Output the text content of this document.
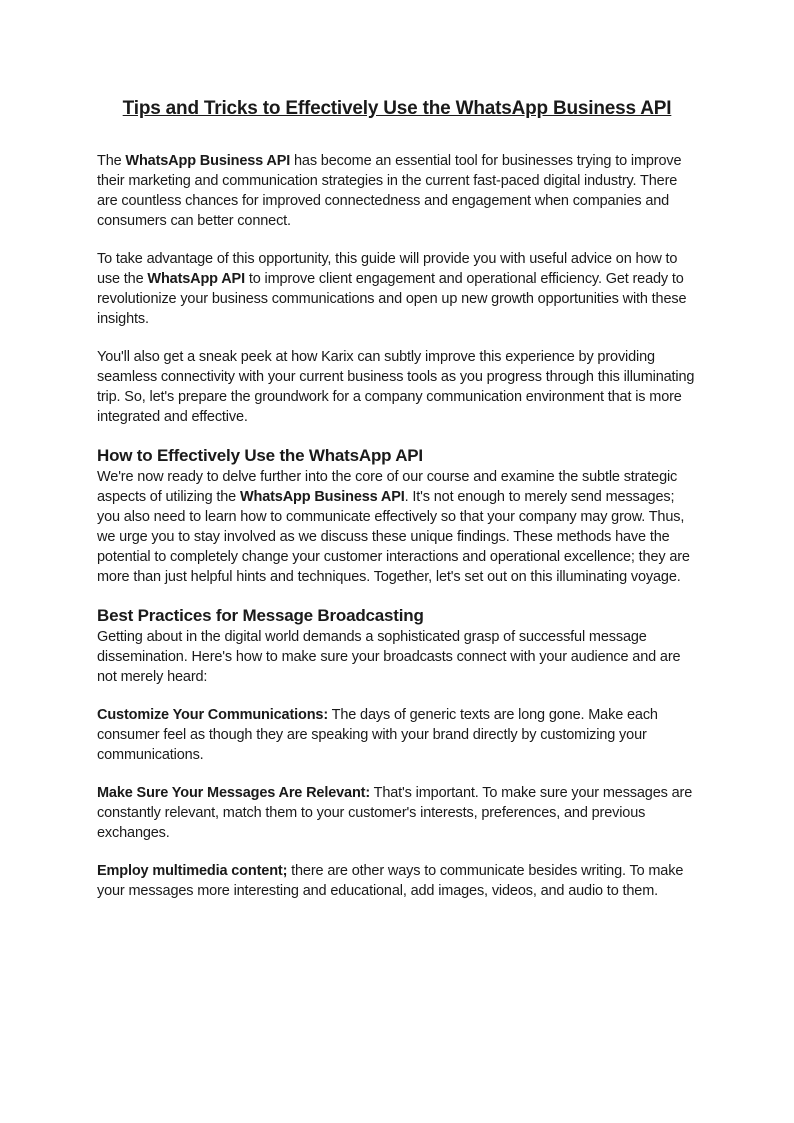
Tips and Tricks to Effectively Use the WhatsApp Business API

The WhatsApp Business API has become an essential tool for businesses trying to improve their marketing and communication strategies in the current fast-paced digital industry. There are countless chances for improved connectedness and engagement when companies and consumers can better connect.

To take advantage of this opportunity, this guide will provide you with useful advice on how to use the WhatsApp API to improve client engagement and operational efficiency. Get ready to revolutionize your business communications and open up new growth opportunities with these insights.

You'll also get a sneak peek at how Karix can subtly improve this experience by providing seamless connectivity with your current business tools as you progress through this illuminating trip. So, let's prepare the groundwork for a company communication environment that is more integrated and effective.

How to Effectively Use the WhatsApp API

We're now ready to delve further into the core of our course and examine the subtle strategic aspects of utilizing the WhatsApp Business API. It's not enough to merely send messages; you also need to learn how to communicate effectively so that your company may grow. Thus, we urge you to stay involved as we discuss these unique findings. These methods have the potential to completely change your customer interactions and operational excellence; they are more than just helpful hints and techniques. Together, let's set out on this illuminating voyage.

Best Practices for Message Broadcasting

Getting about in the digital world demands a sophisticated grasp of successful message dissemination. Here's how to make sure your broadcasts connect with your audience and are not merely heard:

Customize Your Communications: The days of generic texts are long gone. Make each consumer feel as though they are speaking with your brand directly by customizing your communications.

Make Sure Your Messages Are Relevant: That's important. To make sure your messages are constantly relevant, match them to your customer's interests, preferences, and previous exchanges.

Employ multimedia content; there are other ways to communicate besides writing. To make your messages more interesting and educational, add images, videos, and audio to them.
